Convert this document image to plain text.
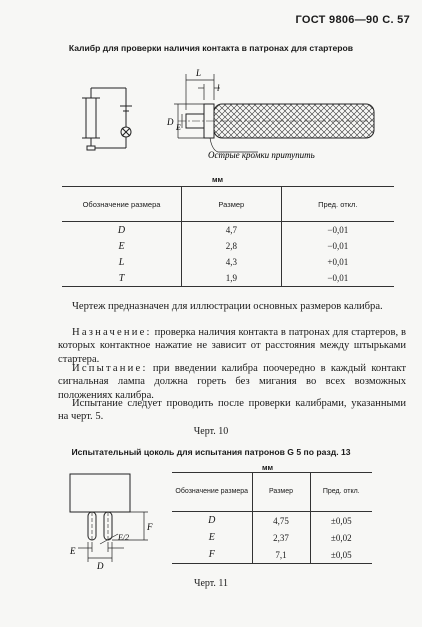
ГОСТ 9806—90 С. 57
Калибр для проверки наличия контакта в патронах для стартеров
L
l
D
E
Острые кромки притупить
мм
Обозначение размера	Размер	Пред. откл.
D	4,7	−0,01
E	2,8	−0,01
L	4,3	+0,01
T	1,9	−0,01
Чертеж предназначен для иллюстрации основных размеров калибра.
Назначение: проверка наличия контакта в патронах для стартеров, в которых контактное нажатие не зависит от расстояния между штырьками стартера.
Испытание: при введении калибра поочередно в каждый контакт сигнальная лампа должна гореть без мигания во всех возможных положениях калибра.
Испытание следует проводить после проверки калибрами, указанными на черт. 5.
Черт. 10
Испытательный цоколь для испытания патронов G 5 по разд. 13
мм
F
E
D
E/2
Обозначение размера	Размер	Пред. откл.
D	4,75	±0,05
E	2,37	±0,02
F	7,1	±0,05
Черт. 11
